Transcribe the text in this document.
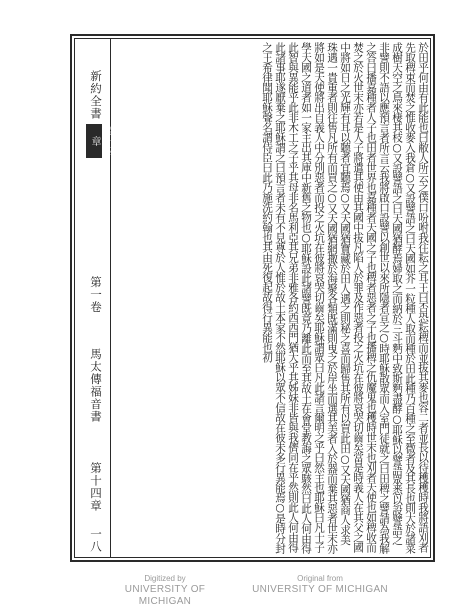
新約全書
第十四章
第一卷
馬太傳福音書
第十四章
一八	於田乎何由有此能也曰敝人所云之僕口吩咐我往耘之耳王曰否恐耘稗而並拔其麥也容二者並長以待穫穫時我將語刈者先取稗束而焚之惟收麥入我倉○又設譬語之曰天國如芥一粒種人取而種於田此種乃百種之至微者及其長也則大於諸菜成樹天空之鳥來棲其枝○又設譬語之曰天國猶酵焉婦取之而納於三斗麪中致斯麪盡酵○耶穌以譬語眾悉以設譬語之非譬則不語以應預言者所言云我將啟口設譬以創世以來所隱者宣之○時耶穌散眾而入室門徒就之曰田稗之譬請為我解之答曰播嘉種者人子也田者世界也嘉種者天國之子也稗者惡者之子也播稗之仇魔鬼也穫時世末也刈者天使也如稗收而焚之於火世末亦若是人子將遣其使由其國中拔凡陷人於罪及作惡者投之火坑在彼將哀哭切齒矣當是時義人在其父之國中將如日之光輝有耳以聽者宜聽焉○又天國猶寶藏於田人遇之則秘之喜而歸售其所有以買此田○又天國猶商人求美珠遇一貴重者則往售凡所有而買之○又天國猶網撒於海聚各類既滿則曳之於岸坐而選其美者入於器而棄其惡者世末亦將如是天使將出自義人中分別惡者而投之火坑在彼將哀哭切齒矣耶穌謂眾曰凡此諸言爾明之乎曰然主也耶穌曰凡士子學天國之道者如一家主出其庫中新舊之物也○耶穌設此諸譬既竟乃離此而至其故土在會堂教誨之眾駭然曰此人何由得此智與異能乎此非木工之子乎其母非名馬利亞其兄弟非雅各約西西門猶大乎其姊妹非皆與我儕同在乎然則此人何由得此諸事耶遂厭棄之耶穌謂之曰預言者未有不見尊於人惟於故土本家不然耶穌以眾不信故在彼未多行異能焉○是時分封之王希律聞耶穌聲名謂侍臣曰此乃施洗約翰也其由死復起故得行異能也初
Digitized by
UNIVERSITY OF MICHIGAN
Original from
UNIVERSITY OF MICHIGAN
